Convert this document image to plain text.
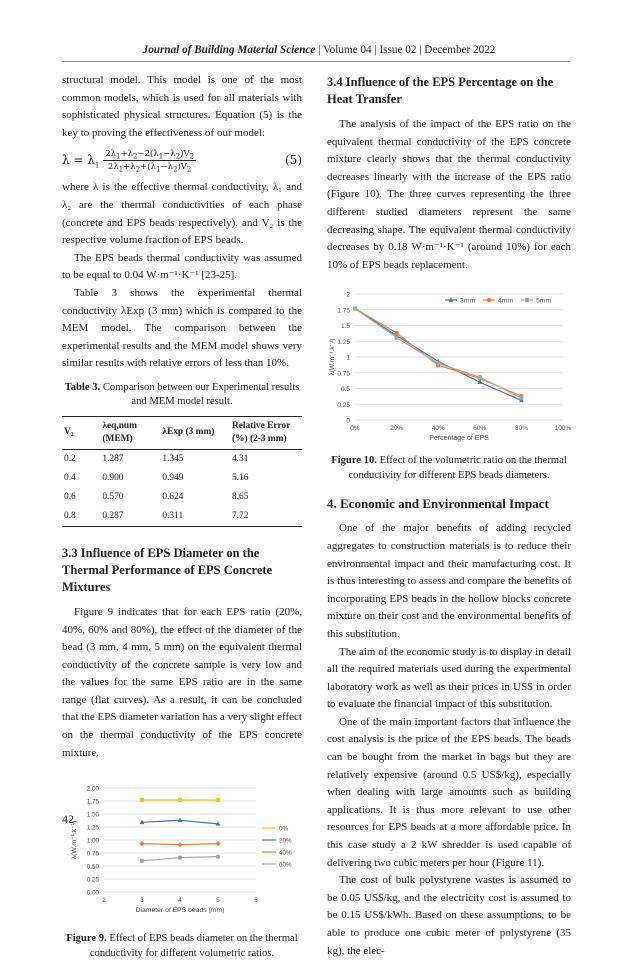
Journal of Building Material Science | Volume 04 | Issue 02 | December 2022

structural model. This model is one of the most common models, which is used for all materials with sophisticated physical structures. Equation (5) is the key to proving the effectiveness of our model:

$\lambda = \lambda_1 \frac{2\lambda_1+\lambda_2-2(\lambda_1-\lambda_2)V_2}{2\lambda_1+\lambda_2+(\lambda_1-\lambda_2)V_2}$	(5)

where λ is the effective thermal conductivity, λ₁ and λ₂ are the thermal conductivities of each phase (concrete and EPS beads respectively), and V₂ is the respective volume fraction of EPS beads.

The EPS beads thermal conductivity was assumed to be equal to 0.04 W·m⁻¹·K⁻¹ [23-25].

Table 3 shows the experimental thermal conductivity λExp (3 mm) which is compared to the MEM model. The comparison between the experimental results and the MEM model shows very similar results with relative errors of less than 10%.

Table 3. Comparison between our Experimental results and MEM model result.
V₂	λeq,num (MEM)	λExp (3 mm)	Relative Error (%) (2-3 mm)
0.2	1.287	1.345	4.31
0.4	0.900	0.949	5.16
0.6	0.570	0.624	8.65
0.8	0.287	0.311	7.72
3.3 Influence of EPS Diameter on the Thermal Performance of EPS Concrete Mixtures

Figure 9 indicates that for each EPS ratio (20%, 40%, 60% and 80%), the effect of the diameter of the bead (3 mm, 4 mm, 5 mm) on the equivalent thermal conductivity of the concrete sample is very low and the values for the same EPS ratio are in the same range (flat curves). As a result, it can be concluded that the EPS diameter variation has a very slight effect on the thermal conductivity of the EPS concrete mixture.

0.00
0.25
0.50
0.75
1.00
1.25
1.50
1.75
2.00
2	3	4	5	6
Diameter of EPS beads (mm)
λ(W.m⁻¹.k⁻¹)	0%
20%
40%
60%
Figure 9. Effect of EPS beads diameter on the thermal conductivity for different volumetric ratios.
3.4 Influence of the EPS Percentage on the Heat Transfer

The analysis of the impact of the EPS ratio on the equivalent thermal conductivity of the EPS concrete mixture clearly shows that the thermal conductivity decreases linearly with the increase of the EPS ratio (Figure 10). The three curves representing the three different studied diameters represent the same decreasing shape. The equivalent thermal conductivity decreases by 0.18 W·m⁻¹·K⁻¹ (around 10%) for each 10% of EPS beads replacement.

0
0.25
0.5
0.75
1
1.25
1.5
1.75
2
0%	20%	40%	60%	80%	100%
Percentage of EPS
λ(W.m⁻¹.k⁻¹)
3mm	4mm	5mm
Figure 10. Effect of the volumetric ratio on the thermal conductivity for different EPS beads diameters.
4. Economic and Environmental Impact

One of the major benefits of adding recycled aggregates to construction materials is to reduce their environmental impact and their manufacturing cost. It is thus interesting to assess and compare the benefits of incorporating EPS beads in the hollow blocks concrete mixture on their cost and the environmental benefits of this substitution.

The aim of the economic study is to display in detail all the required materials used during the experimental laboratory work as well as their prices in US$ in order to evaluate the financial impact of this substitution.

One of the main important factors that influence the cost analysis is the price of the EPS beads. The beads can be bought from the market in bags but they are relatively expensive (around 0.5 US$/kg), especially when dealing with large amounts such as building applications. It is thus more relevant to use other resources for EPS beads at a more affordable price. In this case study a 2 kW shredder is used capable of delivering two cubic meters per hour (Figure 11).

The cost of bulk polystyrene wastes is assumed to be 0.05 US$/kg, and the electricity cost is assumed to be 0.15 US$/kWh. Based on these assumptions, to be able to produce one cubic meter of polystyrene (35 kg), the elec-

42
